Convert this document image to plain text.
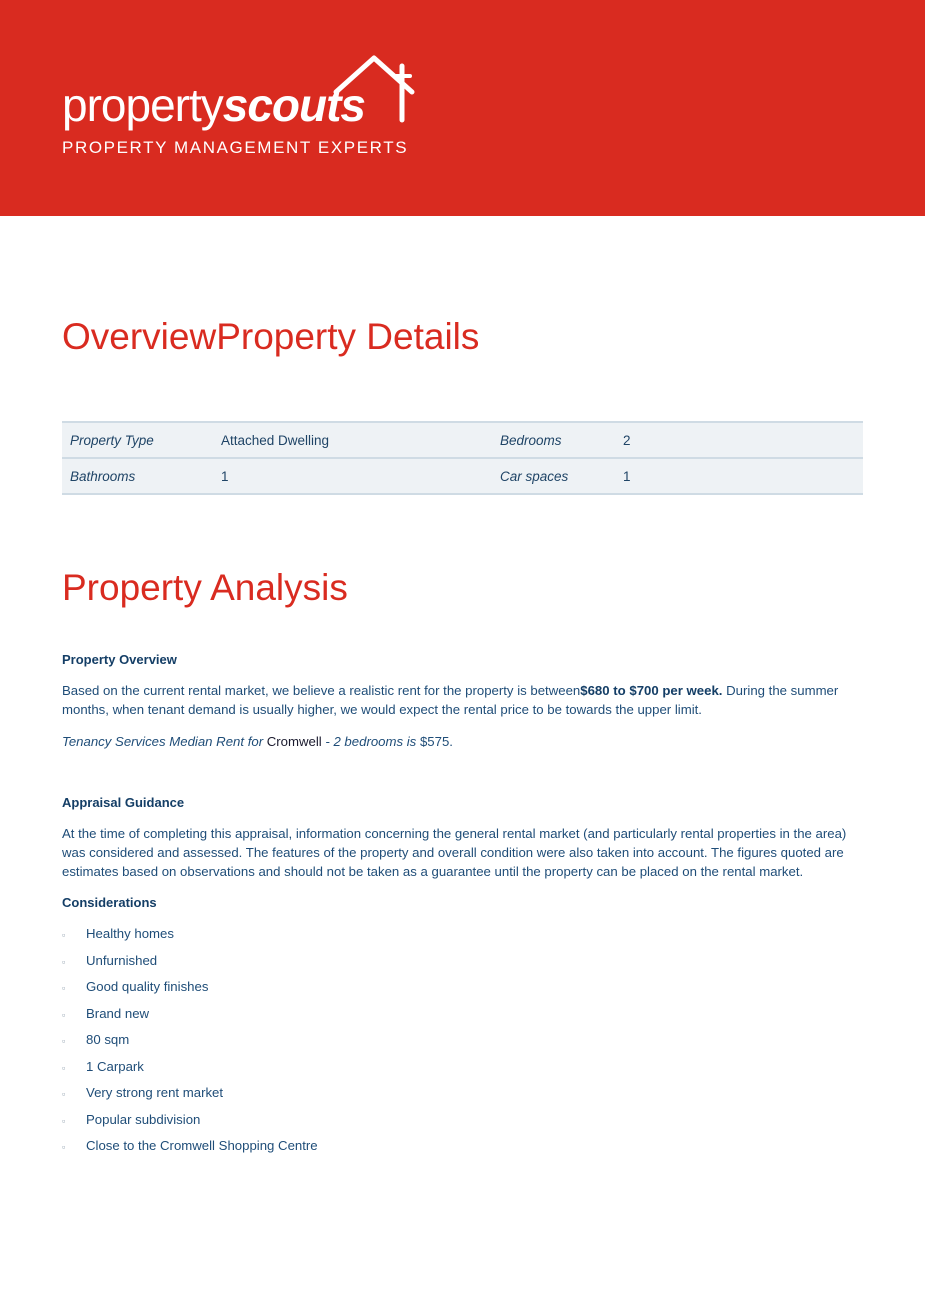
propertyscouts
PROPERTY MANAGEMENT EXPERTS
OverviewProperty Details
Property Type	Attached Dwelling	Bedrooms	2
Bathrooms	1	Car spaces	1
Property Analysis
Property Overview

Based on the current rental market, we believe a realistic rent for the property is between$680 to $700 per week. During the summer months, when tenant demand is usually higher, we would expect the rental price to be towards the upper limit.

Tenancy Services Median Rent for Cromwell - 2 bedrooms is $575.

Appraisal Guidance

At the time of completing this appraisal, information concerning the general rental market (and particularly rental properties in the area) was considered and assessed. The features of the property and overall condition were also taken into account. The figures quoted are estimates based on observations and should not be taken as a guarantee until the property can be placed on the rental market.

Considerations
▫ Healthy homes
▫ Unfurnished
▫ Good quality finishes
▫ Brand new
▫ 80 sqm
▫ 1 Carpark
▫ Very strong rent market
▫ Popular subdivision
▫ Close to the Cromwell Shopping Centre
